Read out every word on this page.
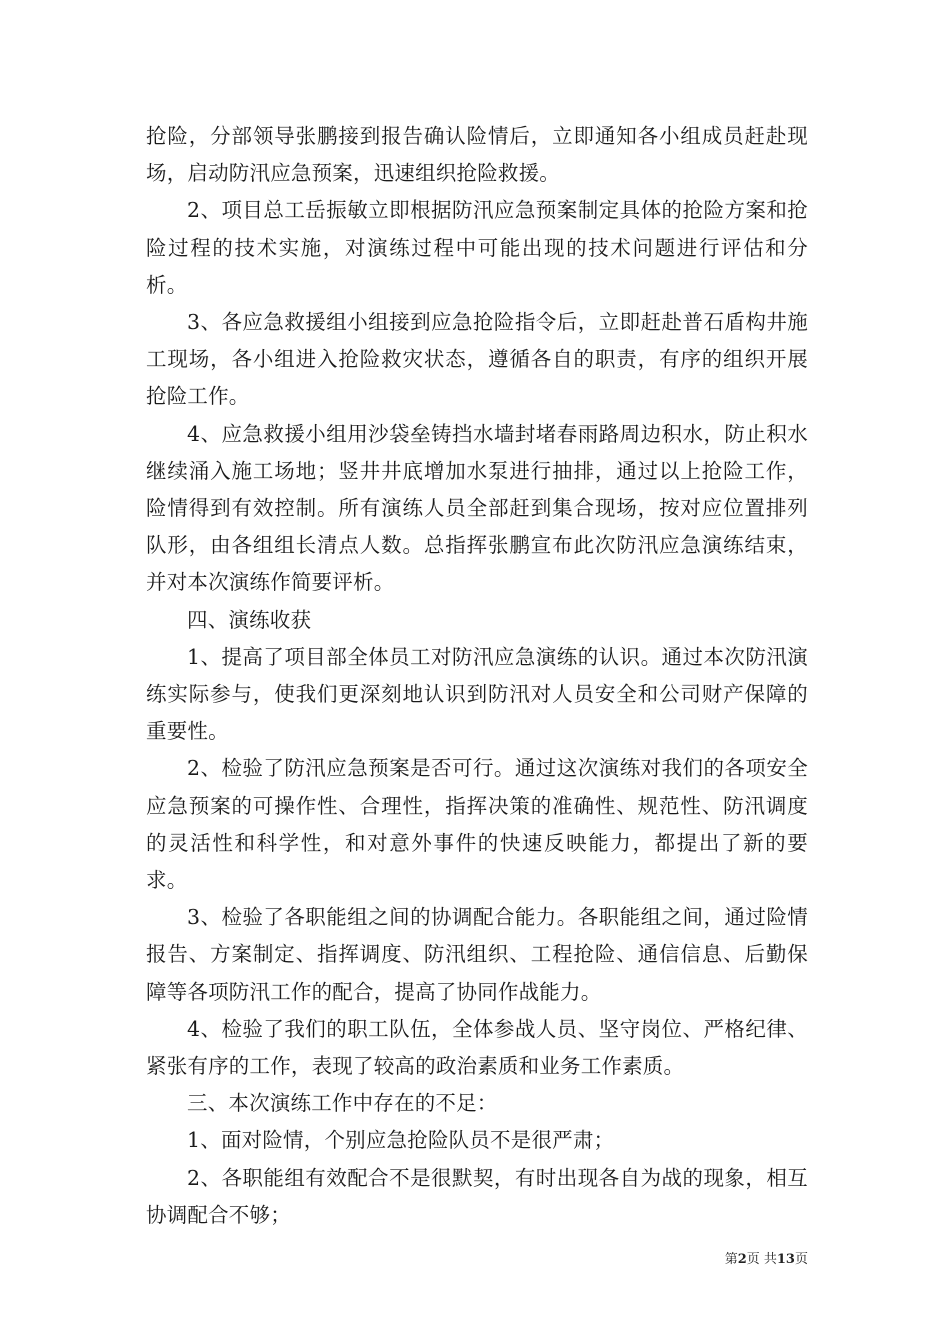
抢险，分部领导张鹏接到报告确认险情后，立即通知各小组成员赶赴现场，启动防汛应急预案，迅速组织抢险救援。

2、项目总工岳振敏立即根据防汛应急预案制定具体的抢险方案和抢险过程的技术实施，对演练过程中可能出现的技术问题进行评估和分析。

3、各应急救援组小组接到应急抢险指令后，立即赶赴普石盾构井施工现场，各小组进入抢险救灾状态，遵循各自的职责，有序的组织开展抢险工作。

4、应急救援小组用沙袋垒铸挡水墙封堵春雨路周边积水，防止积水继续涌入施工场地；竖井井底增加水泵进行抽排，通过以上抢险工作，险情得到有效控制。所有演练人员全部赶到集合现场，按对应位置排列队形，由各组组长清点人数。总指挥张鹏宣布此次防汛应急演练结束，并对本次演练作简要评析。

四、演练收获

1、提高了项目部全体员工对防汛应急演练的认识。通过本次防汛演练实际参与，使我们更深刻地认识到防汛对人员安全和公司财产保障的重要性。

2、检验了防汛应急预案是否可行。通过这次演练对我们的各项安全应急预案的可操作性、合理性，指挥决策的准确性、规范性、防汛调度的灵活性和科学性，和对意外事件的快速反映能力，都提出了新的要求。

3、检验了各职能组之间的协调配合能力。各职能组之间，通过险情报告、方案制定、指挥调度、防汛组织、工程抢险、通信信息、后勤保障等各项防汛工作的配合，提高了协同作战能力。

4、检验了我们的职工队伍，全体参战人员、坚守岗位、严格纪律、紧张有序的工作，表现了较高的政治素质和业务工作素质。

三、本次演练工作中存在的不足：

1、面对险情，个别应急抢险队员不是很严肃；

2、各职能组有效配合不是很默契，有时出现各自为战的现象，相互协调配合不够；

第2页 共13页
